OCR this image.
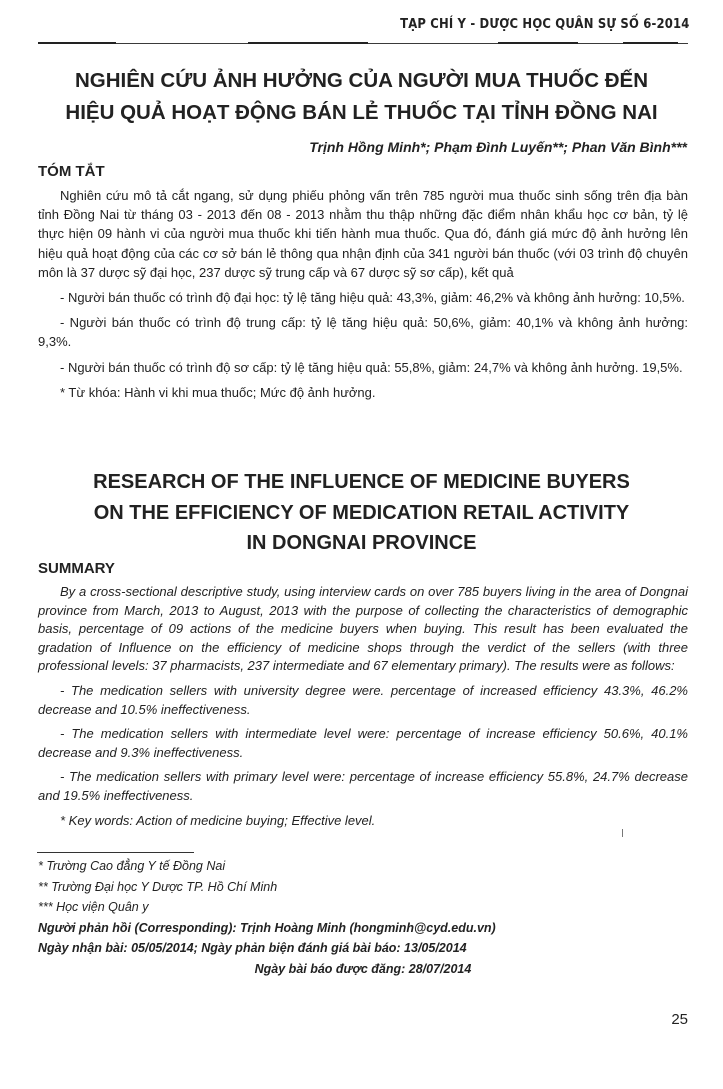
TẠP CHÍ Y - DƯỢC HỌC QUÂN SỰ SỐ 6-2014
NGHIÊN CỨU ẢNH HƯỞNG CỦA NGƯỜI MUA THUỐC ĐẾN
HIỆU QUẢ HOẠT ĐỘNG BÁN LẺ THUỐC TẠI TỈNH ĐỒNG NAI
Trịnh Hồng Minh*; Phạm Đình Luyến**; Phan Văn Bình***
TÓM TẮT

Nghiên cứu mô tả cắt ngang, sử dụng phiếu phỏng vấn trên 785 người mua thuốc sinh sống trên địa bàn tỉnh Đồng Nai từ tháng 03 - 2013 đến 08 - 2013 nhằm thu thập những đặc điểm nhân khẩu học cơ bản, tỷ lệ thực hiện 09 hành vi của người mua thuốc khi tiến hành mua thuốc. Qua đó, đánh giá mức độ ảnh hưởng lên hiệu quả hoạt động của các cơ sở bán lẻ thông qua nhận định của 341 người bán thuốc (với 03 trình độ chuyên môn là 37 dược sỹ đại học, 237 dược sỹ trung cấp và 67 dược sỹ sơ cấp), kết quả

- Người bán thuốc có trình độ đại học: tỷ lệ tăng hiệu quả: 43,3%, giảm: 46,2% và không ảnh hưởng: 10,5%.

- Người bán thuốc có trình độ trung cấp: tỷ lệ tăng hiệu quả: 50,6%, giảm: 40,1% và không ảnh hưởng: 9,3%.

- Người bán thuốc có trình độ sơ cấp: tỷ lệ tăng hiệu quả: 55,8%, giảm: 24,7% và không ảnh hưởng. 19,5%.

* Từ khóa: Hành vi khi mua thuốc; Mức độ ảnh hưởng.

RESEARCH OF THE INFLUENCE OF MEDICINE BUYERS
ON THE EFFICIENCY OF MEDICATION RETAIL ACTIVITY
IN DONGNAI PROVINCE
SUMMARY

By a cross-sectional descriptive study, using interview cards on over 785 buyers living in the area of Dongnai province from March, 2013 to August, 2013 with the purpose of collecting the characteristics of demographic basis, percentage of 09 actions of the medicine buyers when buying. This result has been evaluated the gradation of Influence on the efficiency of medicine shops through the verdict of the sellers (with three professional levels: 37 pharmacists, 237 intermediate and 67 elementary primary). The results were as follows:

- The medication sellers with university degree were. percentage of increased efficiency 43.3%, 46.2% decrease and 10.5% ineffectiveness.

- The medication sellers with intermediate level were: percentage of increase efficiency 50.6%, 40.1% decrease and 9.3% ineffectiveness.

- The medication sellers with primary level were: percentage of increase efficiency 55.8%, 24.7% decrease and 19.5% ineffectiveness.

* Key words: Action of medicine buying; Effective level.

* Trường Cao đẳng Y tế Đồng Nai
** Trường Đại học Y Dược TP. Hồ Chí Minh
*** Học viện Quân y
Người phản hồi (Corresponding): Trịnh Hoàng Minh (hongminh@cyd.edu.vn)
Ngày nhận bài: 05/05/2014; Ngày phản biện đánh giá bài báo: 13/05/2014
Ngày bài báo được đăng: 28/07/2014
25
